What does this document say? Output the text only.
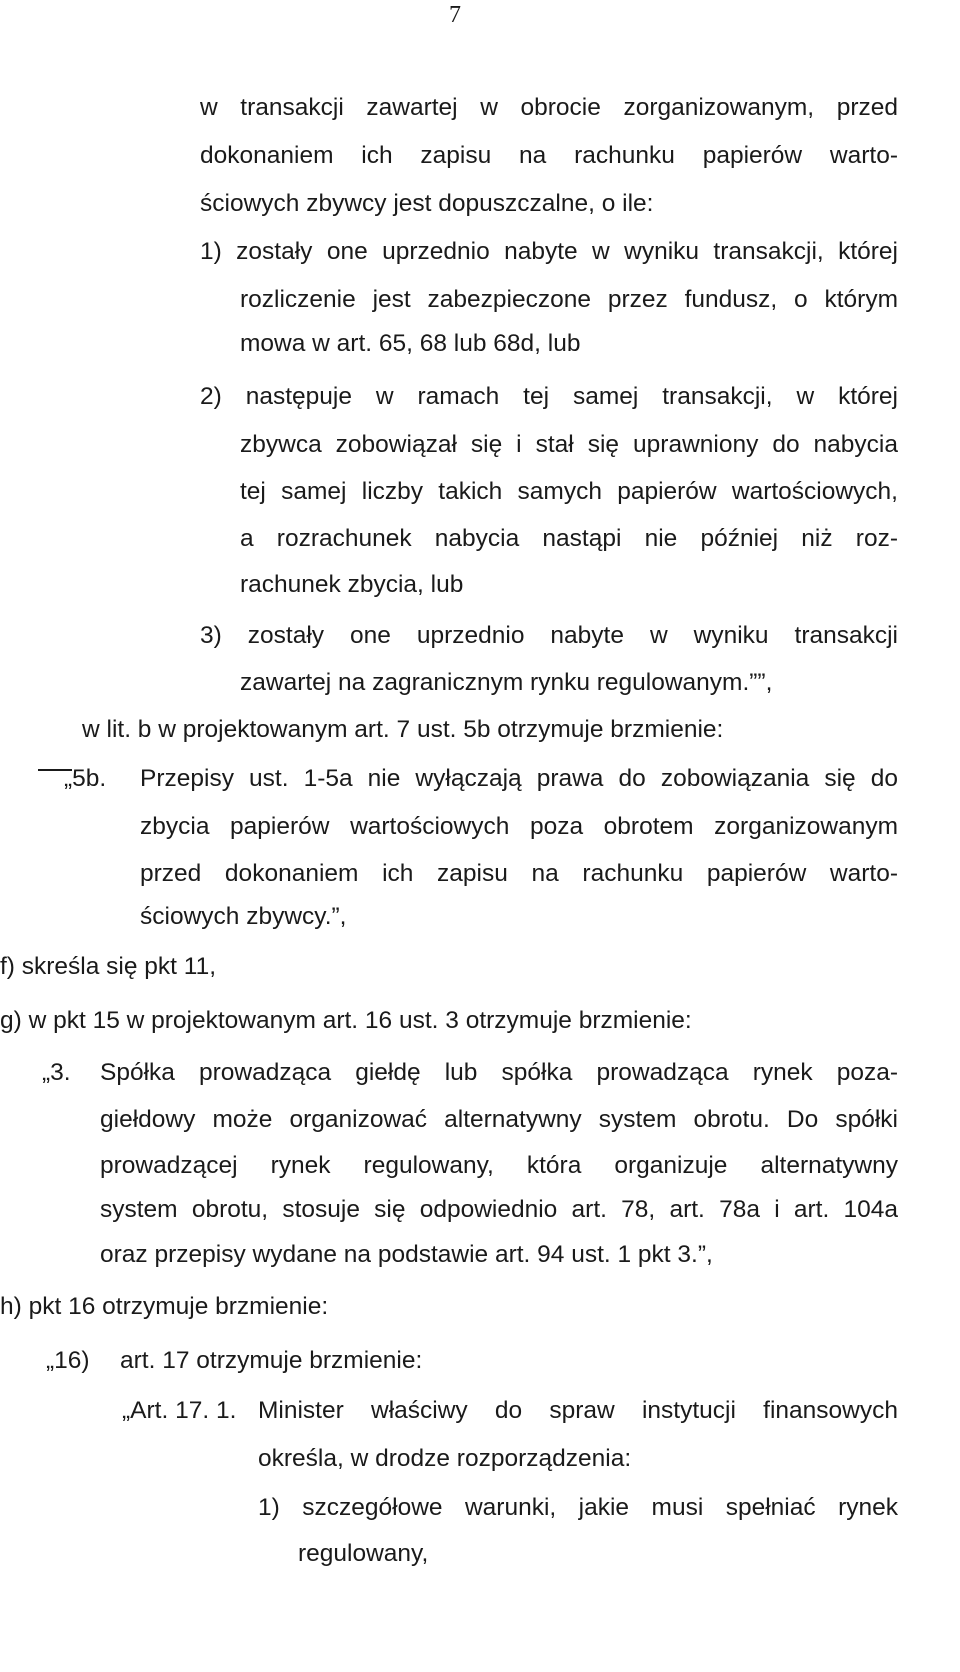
7
w transakcji zawartej w obrocie zorganizowanym, przed
dokonaniem ich zapisu na rachunku papierów warto-
ściowych zbywcy jest dopuszczalne, o ile:
1) zostały one uprzednio nabyte w wyniku transakcji, której
rozliczenie jest zabezpieczone przez fundusz, o którym
mowa w art. 65, 68 lub 68d, lub
2) następuje w ramach tej samej transakcji, w której
zbywca zobowiązał się i stał się uprawniony do nabycia
tej samej liczby takich samych papierów wartościowych,
a rozrachunek nabycia nastąpi nie później niż roz-
rachunek zbycia, lub
3) zostały one uprzednio nabyte w wyniku transakcji
zawartej na zagranicznym rynku regulowanym.””,
w lit. b w projektowanym art. 7 ust. 5b otrzymuje brzmienie:
„5b. Przepisy ust. 1-5a nie wyłączają prawa do zobowiązania się do
zbycia papierów wartościowych poza obrotem zorganizowanym
przed dokonaniem ich zapisu na rachunku papierów warto-
ściowych zbywcy.”,
f) skreśla się pkt 11,
g) w pkt 15 w projektowanym art. 16 ust. 3 otrzymuje brzmienie:
„3. Spółka prowadząca giełdę lub spółka prowadząca rynek poza-
giełdowy może organizować alternatywny system obrotu. Do spółki
prowadzącej rynek regulowany, która organizuje alternatywny
system obrotu, stosuje się odpowiednio art. 78, art. 78a i art. 104a
oraz przepisy wydane na podstawie art. 94 ust. 1 pkt 3.”,
h) pkt 16 otrzymuje brzmienie:
„16) art. 17 otrzymuje brzmienie:
„Art. 17. 1. Minister właściwy do spraw instytucji finansowych
określa, w drodze rozporządzenia:
1) szczegółowe warunki, jakie musi spełniać rynek
regulowany,
